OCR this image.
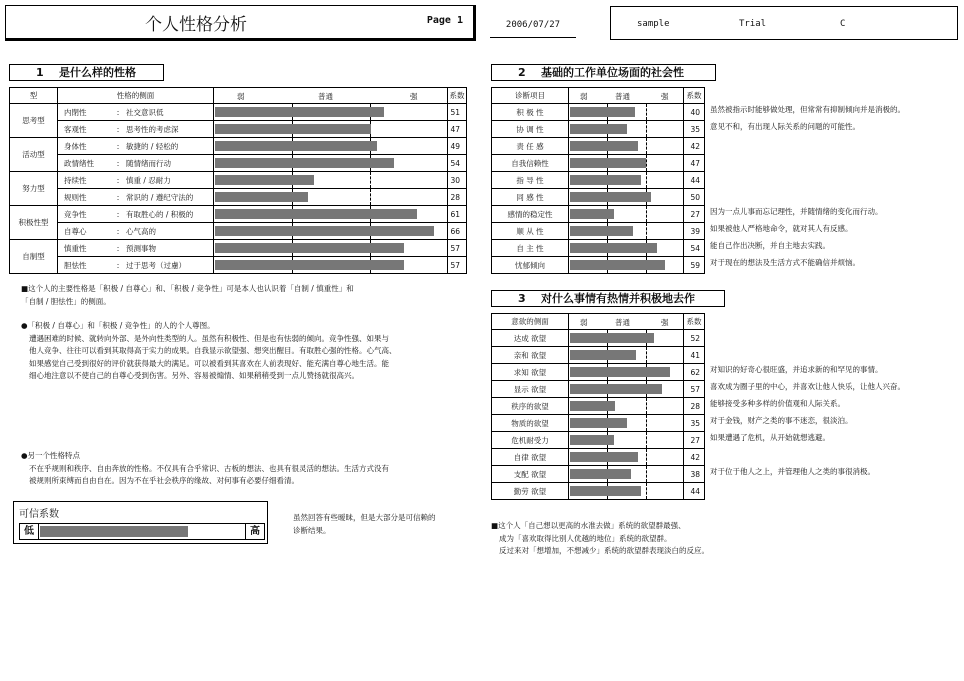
个人性格分析	Page 1	2006/07/27	sample	Trial	C
1 是什么样的性格
型	性格的侧面	弱 普通 强	系数
思考型	内閉性 : 社交意识低		51
	客观性 : 思考性的考虑深		47
活动型	身体性 : 敏捷的 / 轻松的		49
	政情绪性 : 随情绪而行动		54
努力型	持续性 : 慎重 / 忍耐力		30
	规则性 : 常识的 / 遵纪守法的		28
积极性型	竞争性 : 有取胜心的 / 积极的		61
	自尊心 : 心气高的		66
自制型	慎重性 : 预测事物		57
	胆怯性 : 过于思考（过慮）		57
■这个人的主要性格是「积极 / 自尊心」和、「积极 / 竞争性」可是本人也认识着「自制 / 慎重性」和
「自制 / 胆怯性」的侧面。
●「积极 / 自尊心」和「积极 / 竞争性」的人的个人尊图。
遭遇困难的时候、就转向外部、是外向性类型的人。虽然有积极性、但是也有怯弱的倾向。竞争性强、如果与
他人竞争、往往可以看到其取得高于实力的成果。自我显示欲望强、想突出醒目。有取胜心强的性格。心气高、
如果感觉自己受到很好的评价就获得最大的满足。可以被看到其喜欢在人前表现好、能充满自尊心地生活。能
细心地注意以不使自己的自尊心受到伤害。另外、容易被煽情、如果稍稍受到一点儿赞扬就很高兴。
●另一个性格特点
不在乎规则和秩序、自由奔放的性格。不仅具有合乎常识、古板的想法、也具有很灵活的想法。生活方式没有
被规则所束缚而自由自在。因为不在乎社会秩序的缘故、对何事有必要仔细看清。
可信系数
低	高
虽然回答有些暧昧，但是大部分是可信赖的
诊断结果。
2 基础的工作单位场面的社会性
诊断项目	弱 普通 强	系数
积 极 性		40
协 调 性		35
责 任 感		42
自我信赖性		47
指 导 性		44
同 感 性		50
感情的稳定性		27
顺 从 性		39
自 主 性		54
忧郁倾向		59
虽然被指示时能够做处理，但常常有抑制倾向并是消极的。
意见不和，有出现人际关系的问题的可能性。
因为一点儿事而忘记理性，并随情绪的变化而行动。
如果被他人严格地命令，就对其人有反感。
能自己作出决断，并自主地去实践。
对于现在的想法及生活方式不能确信并烦恼。
3 对什么事情有热情并积极地去作
意欲的侧面	弱 普通 强	系数
达成 欲望		52
亲和 欲望		41
求知 欲望		62
显示 欲望		57
秩序的欲望		28
物质的欲望		35
危机耐受力		27
自律 欲望		42
支配 欲望		38
勤劳 欲望		44
对知识的好奇心很旺盛，并追求新的和罕见的事情。
喜欢成为圈子里的中心，并喜欢让他人快乐，让他人兴奋。
能够接受多种多样的价值观和人际关系。
对于金钱，财产之类的事不迷恋，很淡泊。
如果遭遇了危机，从开始就想逃避。
对于位于他人之上，并管理他人之类的事很消极。
■这个人「自己想以更高的水准去做」系统的欲望群最强、
成为「喜欢取得比别人优越的地位」系统的欲望群。
反过来对「想增加，不想减少」系统的欲望群表现淡白的反应。
